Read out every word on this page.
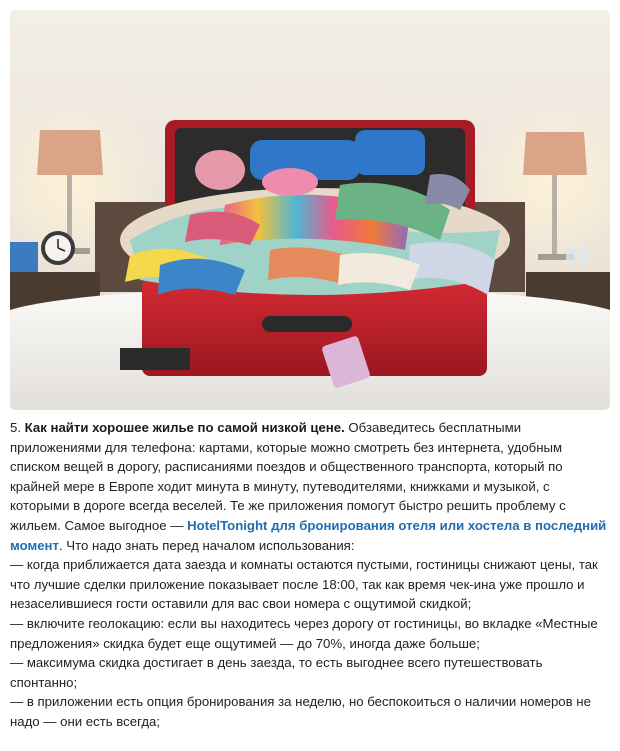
5. Как найти хорошее жилье по самой низкой цене. Обзаведитесь бесплатными приложениями для телефона: картами, которые можно смотреть без интернета, удобным списком вещей в дорогу, расписаниями поездов и общественного транспорта, который по крайней мере в Европе ходит минута в минуту, путеводителями, книжками и музыкой, с которыми в дороге всегда веселей. Те же приложения помогут быстро решить проблему с жильем. Самое выгодное — HotelTonight для бронирования отеля или хостела в последний момент. Что надо знать перед началом использования:

— когда приближается дата заезда и комнаты остаются пустыми, гостиницы снижают цены, так что лучшие сделки приложение показывает после 18:00, так как время чек-ина уже прошло и незаселившиеся гости оставили для вас свои номера с ощутимой скидкой;
— включите геолокацию: если вы находитесь через дорогу от гостиницы, во вкладке «Местные предложения» скидка будет еще ощутимей — до 70%, иногда даже больше;
— максимума скидка достигает в день заезда, то есть выгоднее всего путешествовать спонтанно;
— в приложении есть опция бронирования за неделю, но беспокоиться о наличии номеров не надо — они есть всегда;
